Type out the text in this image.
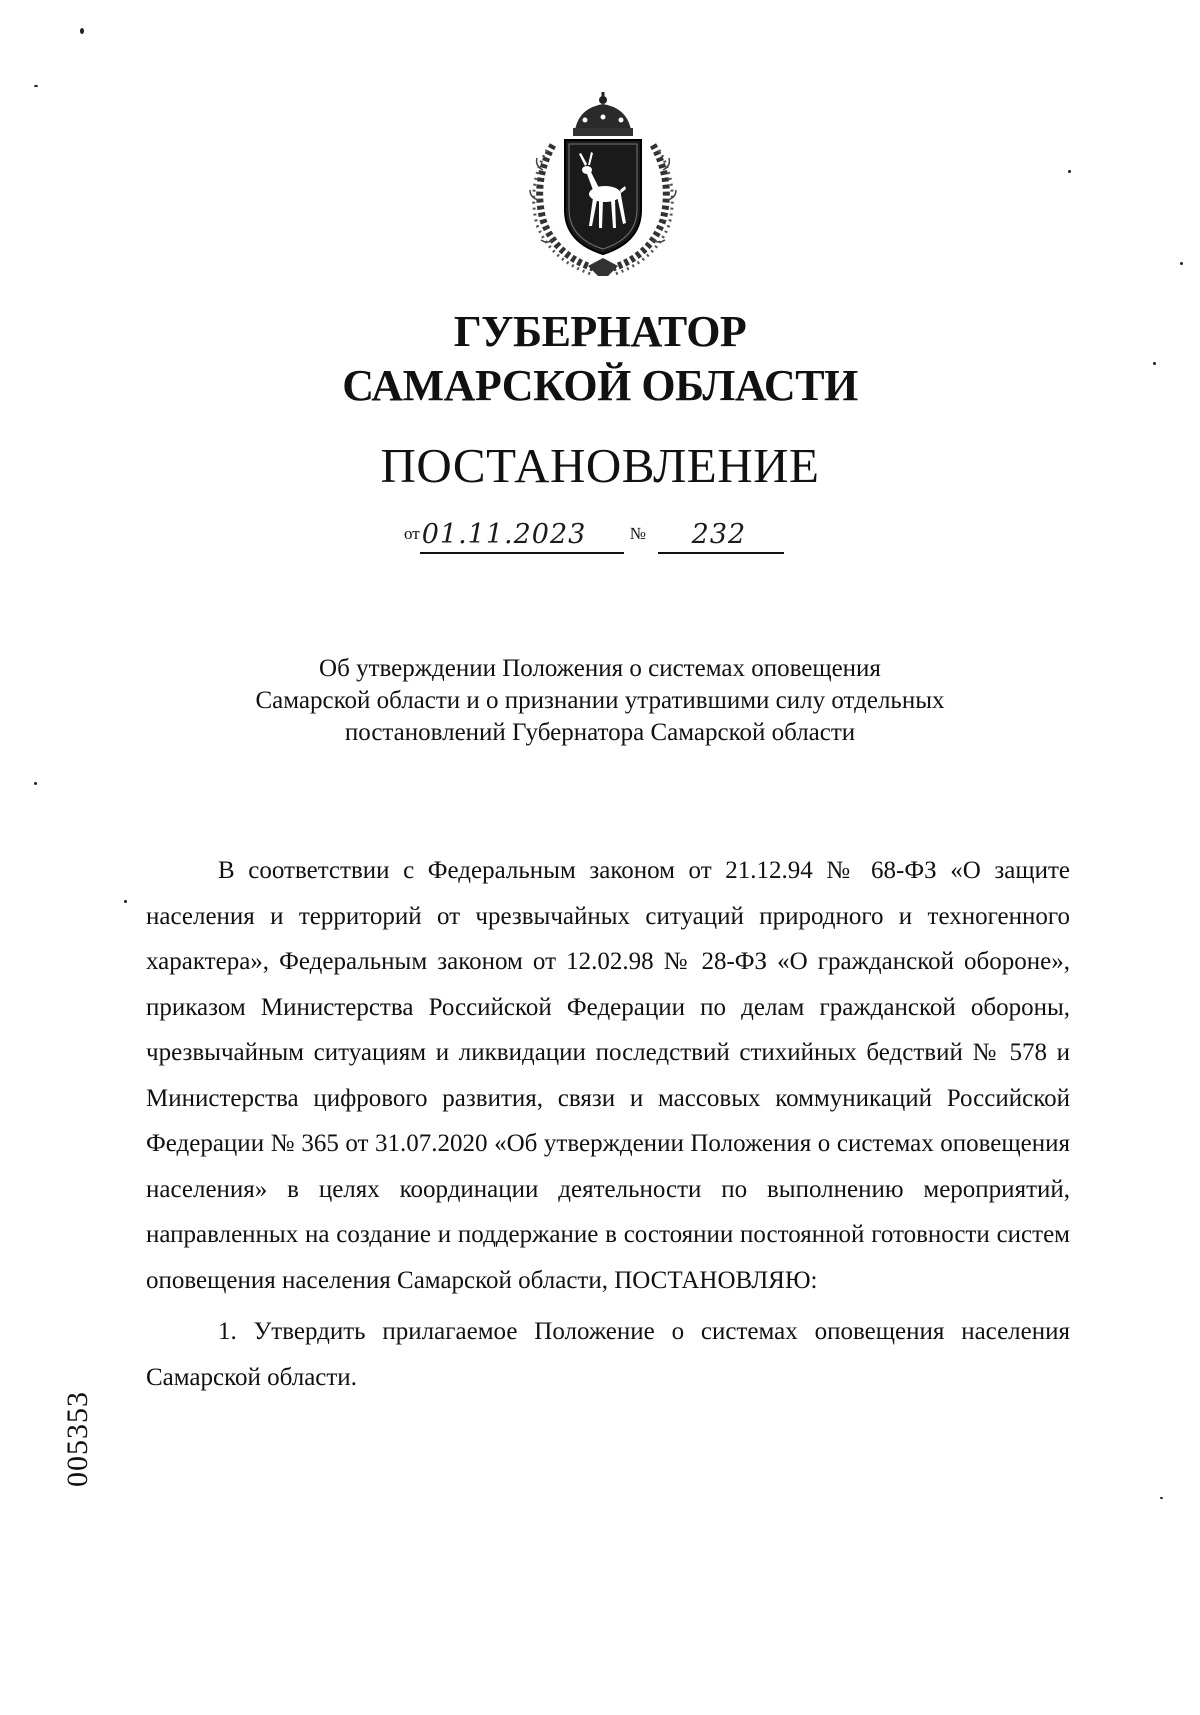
ГУБЕРНАТОР
САМАРСКОЙ ОБЛАСТИ
ПОСТАНОВЛЕНИЕ
от01.11.2023	№ 232
Об утверждении Положения о системах оповещения
Самарской области и о признании утратившими силу отдельных
постановлений Губернатора Самарской области

В соответствии с Федеральным законом от 21.12.94 № 68-ФЗ «О защите населения и территорий от чрезвычайных ситуаций природного и техногенного характера», Федеральным законом от 12.02.98 № 28-ФЗ «О гражданской обороне», приказом Министерства Российской Федерации по делам гражданской обороны, чрезвычайным ситуациям и ликвидации последствий стихийных бедствий № 578 и Министерства цифрового развития, связи и массовых коммуникаций Российской Федерации № 365 от 31.07.2020 «Об утверждении Положения о системах оповещения населения» в целях координации деятельности по выполнению мероприятий, направленных на создание и поддержание в состоянии постоянной готовности систем оповещения населения Самарской области, ПОСТАНОВЛЯЮ:

1. Утвердить прилагаемое Положение о системах оповещения населения Самарской области.

005353
